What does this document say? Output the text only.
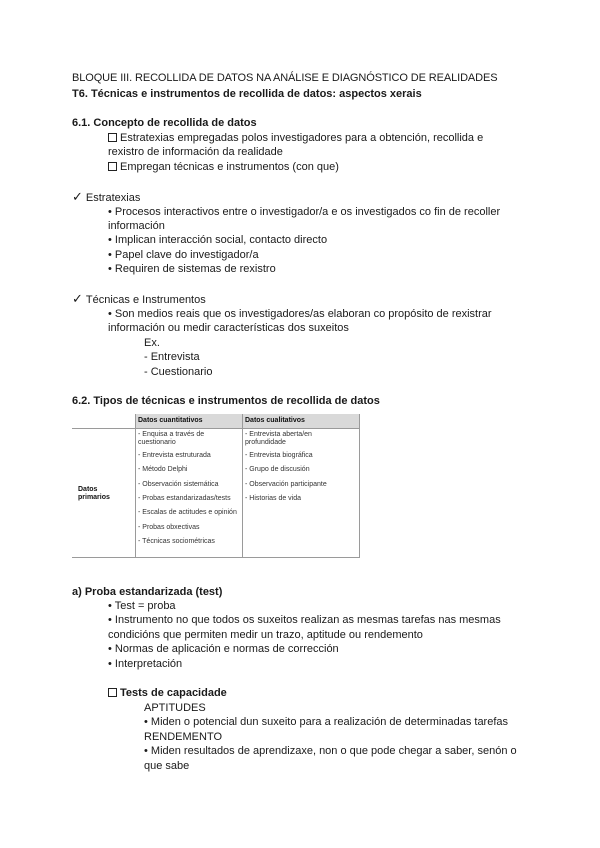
BLOQUE III. RECOLLIDA DE DATOS NA ANÁLISE E DIAGNÓSTICO DE REALIDADES
T6. Técnicas e instrumentos de recollida de datos: aspectos xerais
6.1. Concepto de recollida de datos
Estratexias empregadas polos investigadores para a obtención, recollida e
rexistro de información da realidade
Empregan técnicas e instrumentos (con que)
✓ Estratexias
• Procesos interactivos entre o investigador/a e os investigados co fin de recoller
información
• Implican interacción social, contacto directo
• Papel clave do investigador/a
• Requiren de sistemas de rexistro
✓ Técnicas e Instrumentos
• Son medios reais que os investigadores/as elaboran co propósito de rexistrar
información ou medir características dos suxeitos
Ex.
- Entrevista
- Cuestionario
6.2. Tipos de técnicas e instrumentos de recollida de datos
Datos cuantitativos	Datos cualitativos
Datos
primarios
- Enquisa a través de
cuestionario
- Entrevista estruturada
- Método Delphi
- Observación sistemática
- Probas estandarizadas/tests
- Escalas de actitudes e opinión
- Probas obxectivas
- Técnicas sociométricas
- Entrevista aberta/en
profundidade
- Entrevista biográfica
- Grupo de discusión
- Observación participante
- Historias de vida
a) Proba estandarizada (test)
• Test = proba
• Instrumento no que todos os suxeitos realizan as mesmas tarefas nas mesmas
condicións que permiten medir un trazo, aptitude ou rendemento
• Normas de aplicación e normas de corrección
• Interpretación
Tests de capacidade
APTITUDES
• Miden o potencial dun suxeito para a realización de determinadas tarefas
RENDEMENTO
• Miden resultados de aprendizaxe, non o que pode chegar a saber, senón o
que sabe
